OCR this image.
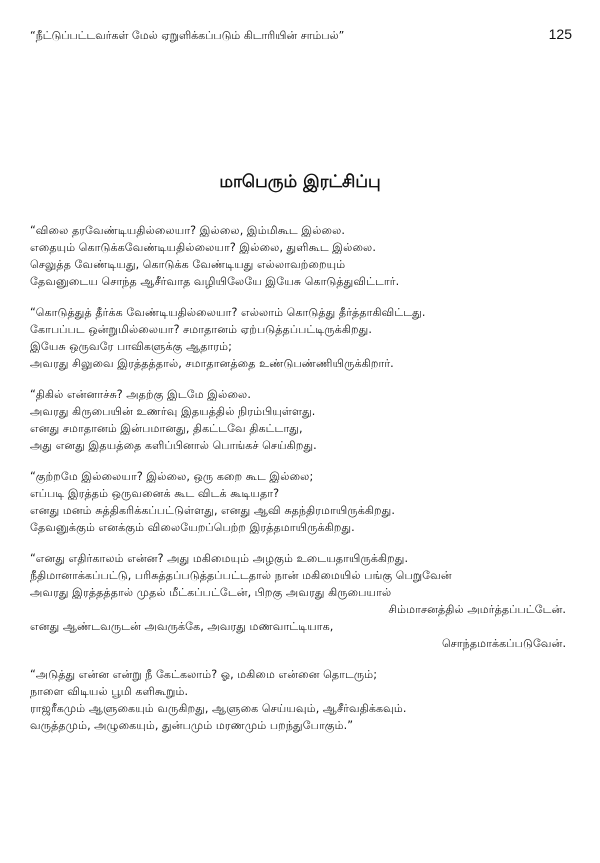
“நீட்டுப்பட்டவர்கள் மேல் ஏறுளிக்கப்படும் கிடாரியின் சாம்பல்”	125
மாபெரும் இரட்சிப்பு
“விலை தரவேண்டியதில்லையா? இல்லை, இம்மிகூட இல்லை.
எதையும் கொடுக்கவேண்டியதில்லையா? இல்லை, துளிகூட இல்லை.
செலுத்த வேண்டியது, கொடுக்க வேண்டியது எல்லாவற்றையும்
தேவனுடைய சொந்த ஆசீர்வாத வழியிலேயே இயேசு கொடுத்துவிட்டார்.
“கொடுத்துத் தீர்க்க வேண்டியதில்லையா? எல்லாம் கொடுத்து தீர்த்தாகிவிட்டது.
கோபப்பட ஒன்றுமில்லையா? சமாதானம் ஏற்படுத்தப்பட்டிருக்கிறது.
இயேசு ஒருவரே பாவிகளுக்கு ஆதாரம்;
அவரது சிலுவை இரத்தத்தால், சமாதானத்தை உண்டுபண்ணியிருக்கிறார்.
“திகில் என்னாச்சு? அதற்கு இடமே இல்லை.
அவரது கிருபையின் உணர்வு இதயத்தில் நிரம்பியுள்ளது.
எனது சமாதானம் இன்பமானது, திகட்டவே திகட்டாது,
அது எனது இதயத்தை களிப்பினால் பொங்கச் செய்கிறது.
“குற்றமே இல்லையா? இல்லை, ஒரு கறை கூட இல்லை;
எப்படி இரத்தம் ஒருவனைக் கூட விடக் கூடியதா?
எனது மனம் சுத்திகரிக்கப்பட்டுள்ளது, எனது ஆவி சுதந்திரமாயிருக்கிறது.
தேவனுக்கும் எனக்கும் விலையேறப்பெற்ற இரத்தமாயிருக்கிறது.
“எனது எதிர்காலம் என்ன? அது மகிமையும் அழகும் உடையதாயிருக்கிறது.
நீதிமானாக்கப்பட்டு, பரிசுத்தப்படுத்தப்பட்டதால் நான் மகிமையில் பங்கு பெறுவேன்
அவரது இரத்தத்தால் முதல் மீட்கப்பட்டேன், பிறகு அவரது கிருபையால்
சிம்மாசனத்தில் அமர்த்தப்பட்டேன்.
எனது ஆண்டவருடன் அவருக்கே, அவரது மணவாட்டியாக,
சொந்தமாக்கப்படுவேன்.
“அடுத்து என்ன என்று நீ கேட்கலாம்? ஓ, மகிமை என்னை தொடரும்;
நாளை விடியல் பூமி களிகூறும்.
ராஜரீகமும் ஆளுகையும் வருகிறது, ஆளுகை செய்யவும், ஆசீர்வதிக்கவும்.
வருத்தமும், அழுகையும், துன்பமும் மரணமும் பறந்துபோகும்.”
